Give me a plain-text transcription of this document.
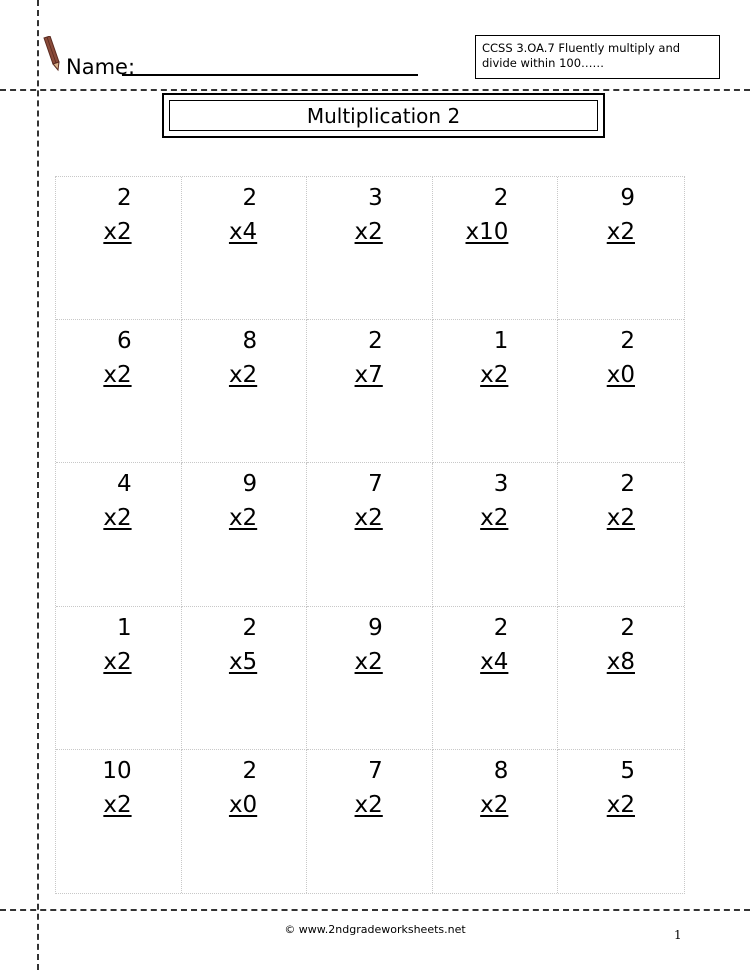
Name:
CCSS 3.OA.7 Fluently multiply and divide within 100……
Multiplication 2
2
x2
2
x4
3
x2
2
x10
9
x2
6
x2
8
x2
2
x7
1
x2
2
x0
4
x2
9
x2
7
x2
3
x2
2
x2
1
x2
2
x5
9
x2
2
x4
2
x8
10
x2
2
x0
7
x2
8
x2
5
x2
© www.2ndgradeworksheets.net	1
